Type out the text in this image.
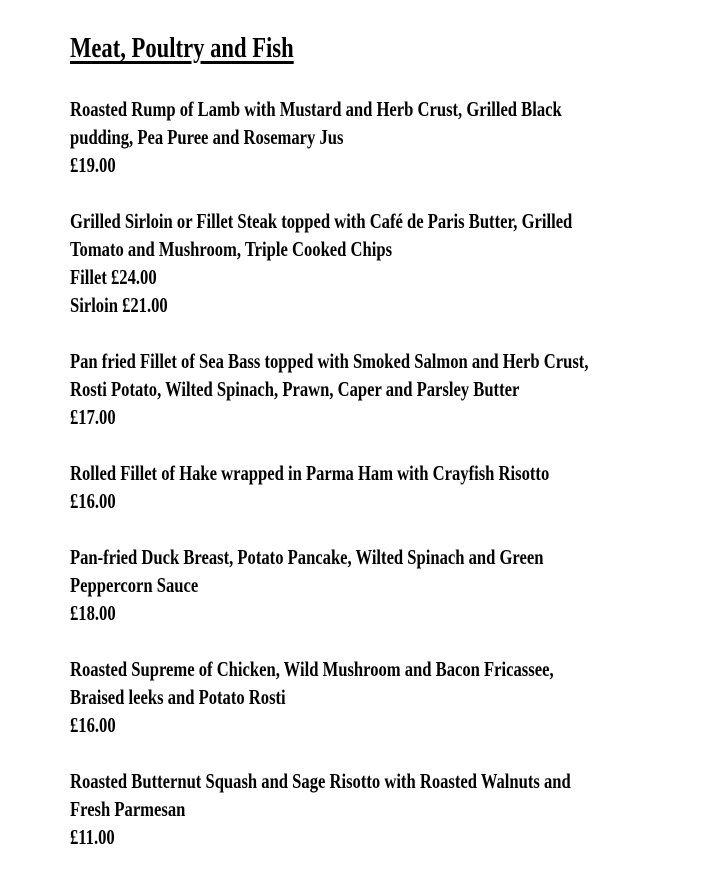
Meat, Poultry and Fish
Roasted Rump of Lamb with Mustard and Herb Crust, Grilled Black
pudding, Pea Puree and Rosemary Jus
£19.00
Grilled Sirloin or Fillet Steak topped with Café de Paris Butter, Grilled
Tomato and Mushroom, Triple Cooked Chips
Fillet £24.00
Sirloin £21.00
Pan fried Fillet of Sea Bass topped with Smoked Salmon and Herb Crust,
Rosti Potato, Wilted Spinach, Prawn, Caper and Parsley Butter
£17.00
Rolled Fillet of Hake wrapped in Parma Ham with Crayfish Risotto
£16.00
Pan-fried Duck Breast, Potato Pancake, Wilted Spinach and Green
Peppercorn Sauce
£18.00
Roasted Supreme of Chicken, Wild Mushroom and Bacon Fricassee,
Braised leeks and Potato Rosti
£16.00
Roasted Butternut Squash and Sage Risotto with Roasted Walnuts and
Fresh Parmesan
£11.00
